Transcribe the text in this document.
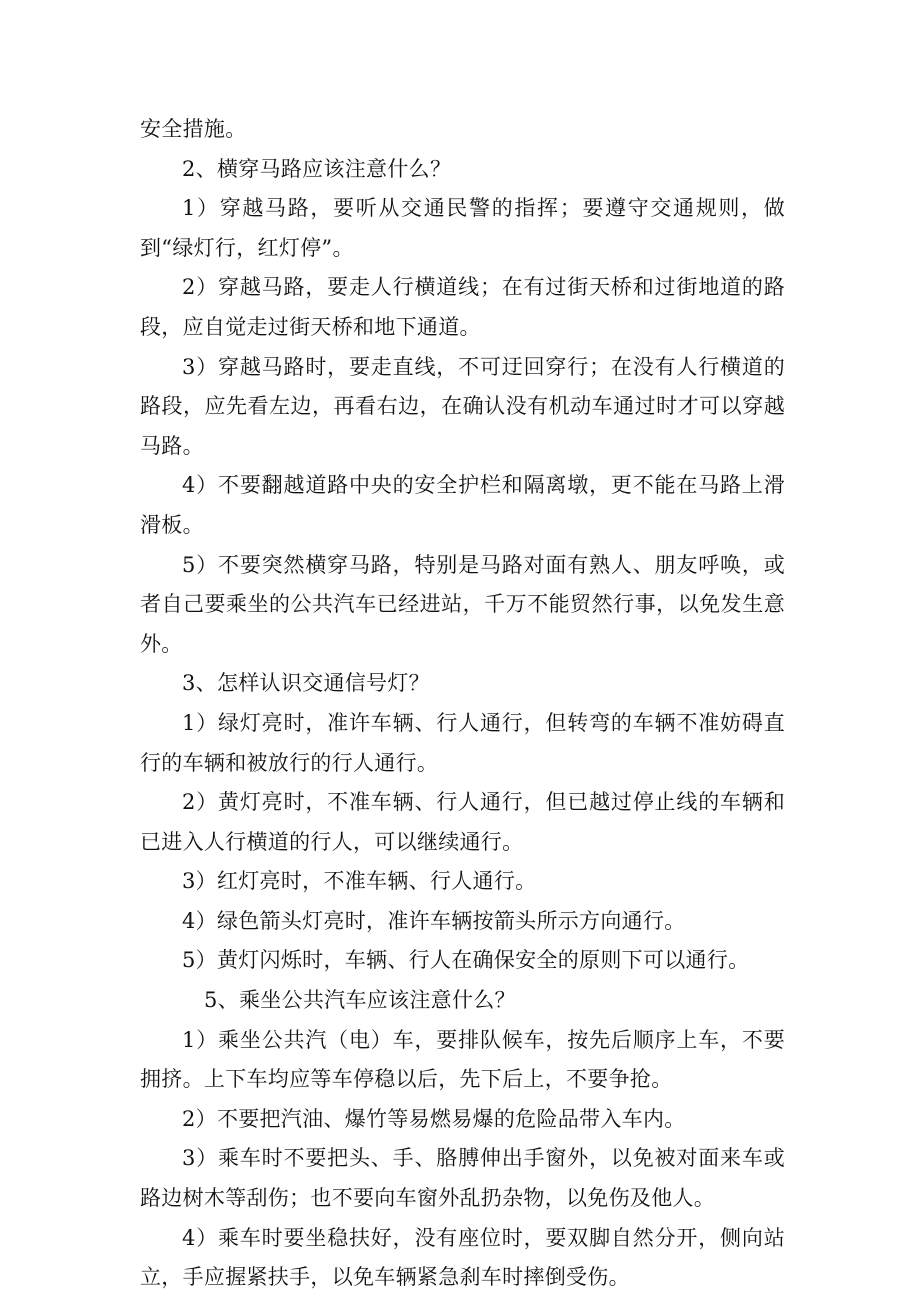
安全措施。

2、横穿马路应该注意什么？

1）穿越马路，要听从交通民警的指挥；要遵守交通规则，做到“绿灯行，红灯停”。

2）穿越马路，要走人行横道线；在有过街天桥和过街地道的路段，应自觉走过街天桥和地下通道。

3）穿越马路时，要走直线，不可迂回穿行；在没有人行横道的路段，应先看左边，再看右边，在确认没有机动车通过时才可以穿越马路。

4）不要翻越道路中央的安全护栏和隔离墩，更不能在马路上滑滑板。

5）不要突然横穿马路，特别是马路对面有熟人、朋友呼唤，或者自己要乘坐的公共汽车已经进站，千万不能贸然行事，以免发生意外。

3、怎样认识交通信号灯？

1）绿灯亮时，准许车辆、行人通行，但转弯的车辆不准妨碍直行的车辆和被放行的行人通行。

2）黄灯亮时，不准车辆、行人通行，但已越过停止线的车辆和已进入人行横道的行人，可以继续通行。

3）红灯亮时，不准车辆、行人通行。

4）绿色箭头灯亮时，准许车辆按箭头所示方向通行。

5）黄灯闪烁时，车辆、行人在确保安全的原则下可以通行。

5、乘坐公共汽车应该注意什么？

1）乘坐公共汽（电）车，要排队候车，按先后顺序上车，不要拥挤。上下车均应等车停稳以后，先下后上，不要争抢。

2）不要把汽油、爆竹等易燃易爆的危险品带入车内。

3）乘车时不要把头、手、胳膊伸出手窗外，以免被对面来车或路边树木等刮伤；也不要向车窗外乱扔杂物，以免伤及他人。

4）乘车时要坐稳扶好，没有座位时，要双脚自然分开，侧向站立，手应握紧扶手，以免车辆紧急刹车时摔倒受伤。
